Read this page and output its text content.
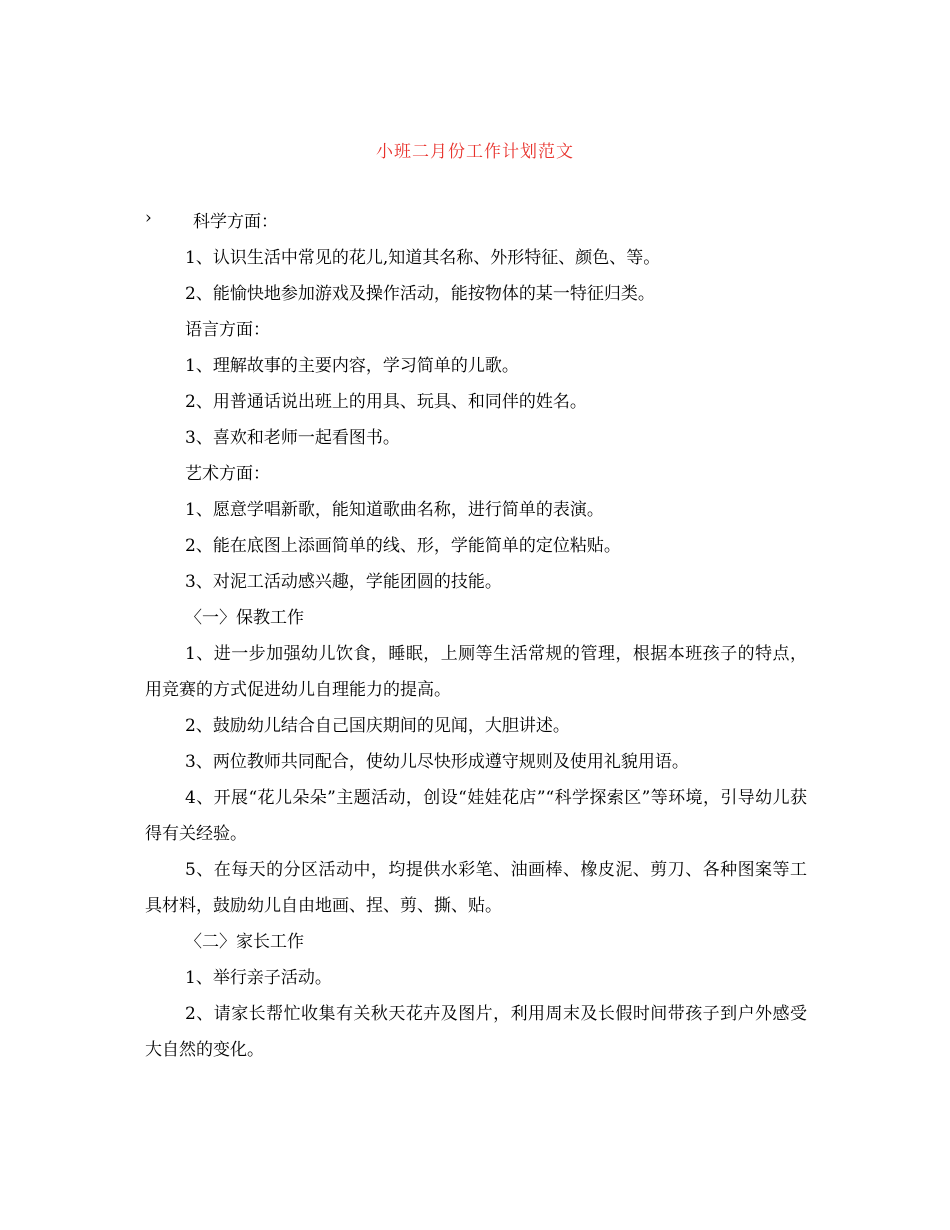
小班二月份工作计划范文
›	科学方面：

1、认识生活中常见的花儿,知道其名称、外形特征、颜色、等。

2、能愉快地参加游戏及操作活动，能按物体的某一特征归类。

语言方面：

1、理解故事的主要内容，学习简单的儿歌。

2、用普通话说出班上的用具、玩具、和同伴的姓名。

3、喜欢和老师一起看图书。

艺术方面：

1、愿意学唱新歌，能知道歌曲名称，进行简单的表演。

2、能在底图上添画简单的线、形，学能简单的定位粘贴。

3、对泥工活动感兴趣，学能团圆的技能。

〈一〉保教工作

1、进一步加强幼儿饮食，睡眠，上厕等生活常规的管理，根据本班孩子的特点，用竞赛的方式促进幼儿自理能力的提高。

2、鼓励幼儿结合自己国庆期间的见闻，大胆讲述。

3、两位教师共同配合，使幼儿尽快形成遵守规则及使用礼貌用语。

4、开展“花儿朵朵”主题活动，创设“娃娃花店”“科学探索区”等环境，引导幼儿获得有关经验。

5、在每天的分区活动中，均提供水彩笔、油画棒、橡皮泥、剪刀、各种图案等工具材料，鼓励幼儿自由地画、捏、剪、撕、贴。

〈二〉家长工作

1、举行亲子活动。

2、请家长帮忙收集有关秋天花卉及图片，利用周末及长假时间带孩子到户外感受大自然的变化。
